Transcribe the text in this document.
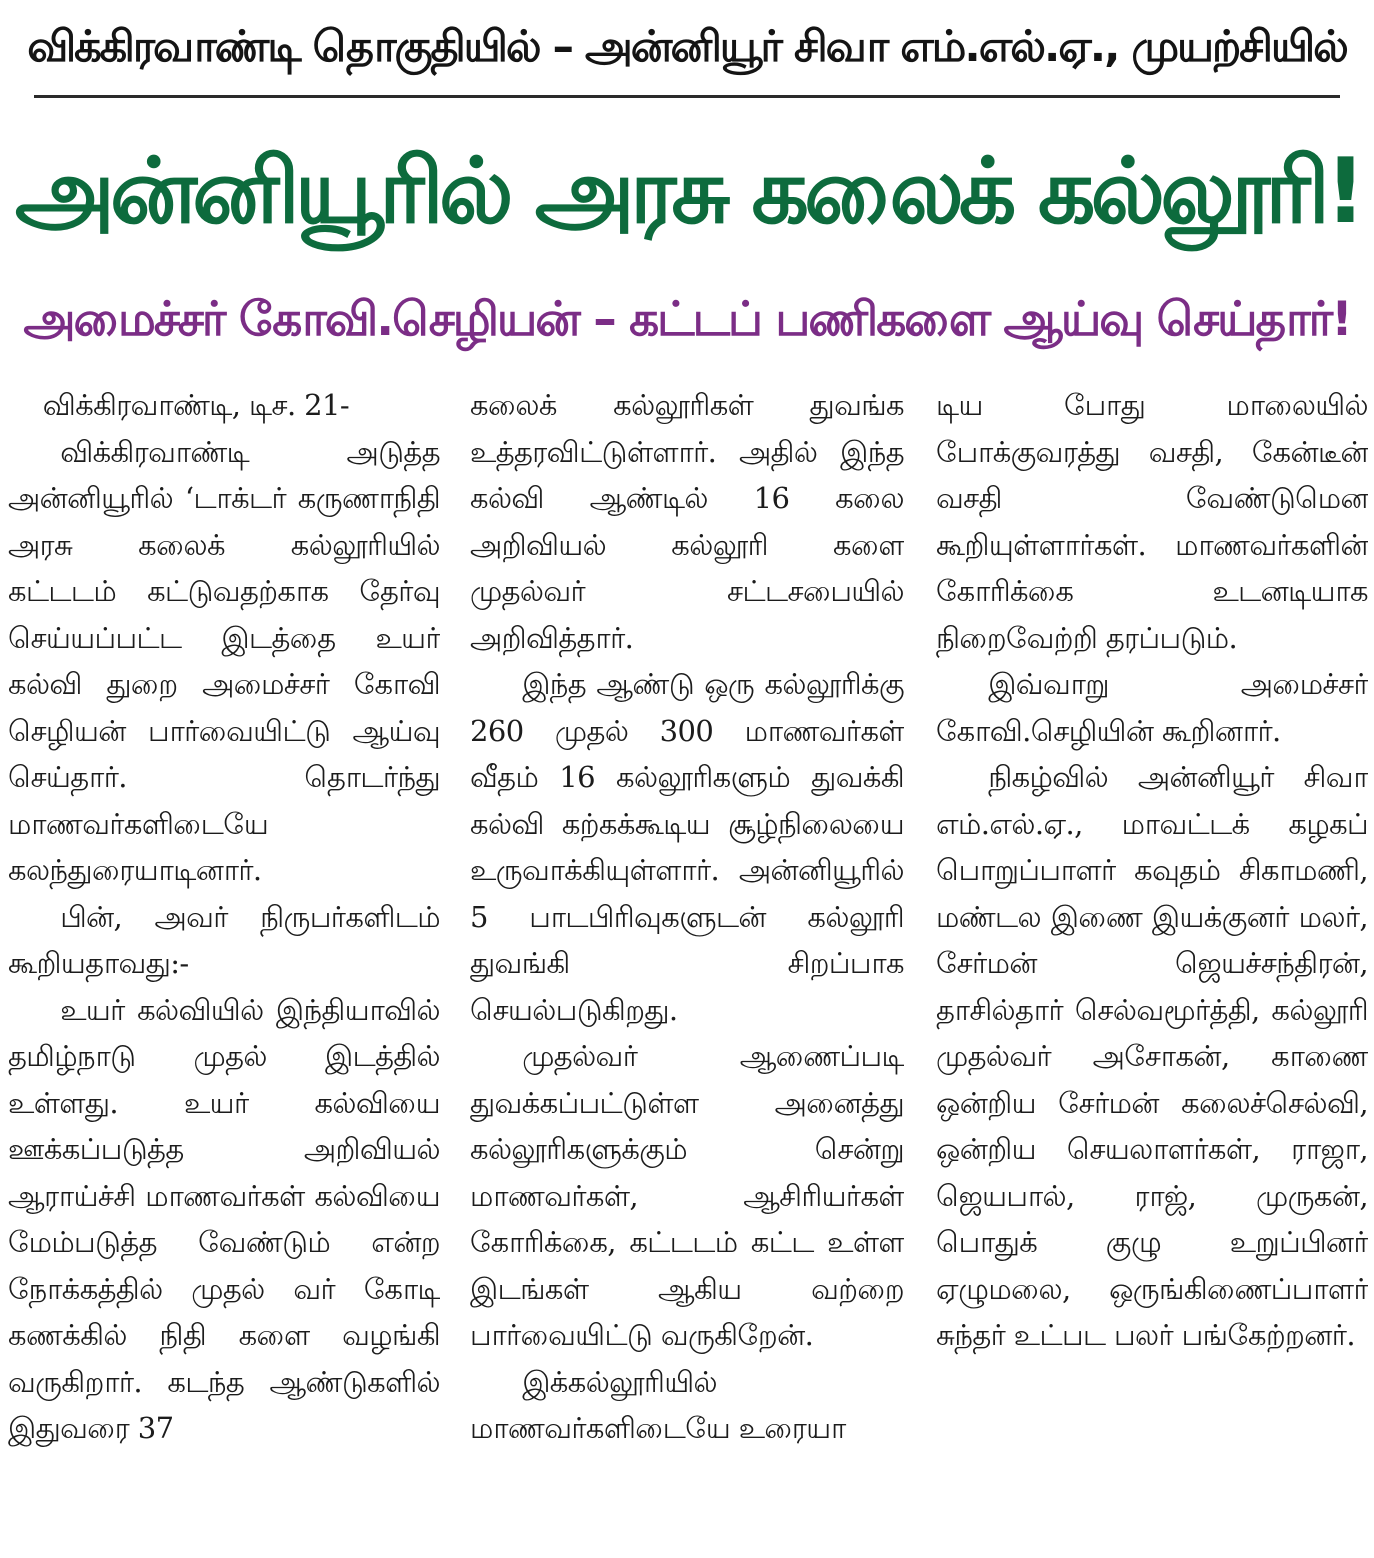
விக்கிரவாண்டி தொகுதியில் – அன்னியூர் சிவா எம்.எல்.ஏ., முயற்சியில்
அன்னியூரில் அரசு கலைக் கல்லூரி!
அமைச்சர் கோவி.செழியன் – கட்டப் பணிகளை ஆய்வு செய்தார்!

விக்கிரவாண்டி, டிச. 21-

விக்கிரவாண்டி அடுத்த அன்னியூரில் ‘டாக்டர் கருணாநிதி அரசு கலைக் கல்லூரியில் கட்டடம் கட்டுவதற்காக தேர்வு செய்யப்பட்ட இடத்தை உயர் கல்வி துறை அமைச்சர் கோவி செழியன் பார்வையிட்டு ஆய்வு செய்தார். தொடர்ந்து மாணவர்களிடையே கலந்துரையாடினார்.

பின், அவர் நிருபர்களிடம் கூறியதாவது:-

உயர் கல்வியில் இந்தியாவில் தமிழ்நாடு முதல் இடத்தில் உள்ளது. உயர் கல்வியை ஊக்கப்படுத்த அறிவியல் ஆராய்ச்சி மாணவர்கள் கல்வியை மேம்படுத்த வேண்டும் என்ற நோக்கத்தில் முதல் வர் கோடி கணக்கில் நிதி களை வழங்கி வருகிறார். கடந்த ஆண்டுகளில் இதுவரை 37

கலைக் கல்லூரிகள் துவங்க உத்தரவிட்டுள்ளார். அதில் இந்த கல்வி ஆண்டில் 16 கலை அறிவியல் கல்லூரி களை முதல்வர் சட்டசபையில் அறிவித்தார்.

இந்த ஆண்டு ஒரு கல்லூரிக்கு 260 முதல் 300 மாணவர்கள் வீதம் 16 கல்லூரிகளும் துவக்கி கல்வி கற்கக்கூடிய சூழ்நிலையை உருவாக்கியுள்ளார். அன்னியூரில் 5 பாடபிரிவுகளுடன் கல்லூரி துவங்கி சிறப்பாக செயல்படுகிறது.

முதல்வர் ஆணைப்படி துவக்கப்பட்டுள்ள அனைத்து கல்லூரிகளுக்கும் சென்று மாணவர்கள், ஆசிரியர்கள் கோரிக்கை, கட்டடம் கட்ட உள்ள இடங்கள் ஆகிய வற்றை பார்வையிட்டு வருகிறேன்.

இக்கல்லூரியில் மாணவர்களிடையே உரையா

டிய போது மாலையில் போக்குவரத்து வசதி, கேன்டீன் வசதி வேண்டுமென கூறியுள்ளார்கள். மாணவர்களின் கோரிக்கை உடனடியாக நிறைவேற்றி தரப்படும்.

இவ்வாறு அமைச்சர் கோவி.செழியின் கூறினார்.

நிகழ்வில் அன்னியூர் சிவா எம்.எல்.ஏ., மாவட்டக் கழகப் பொறுப்பாளர் கவுதம் சிகாமணி, மண்டல இணை இயக்குனர் மலர், சேர்மன் ஜெயச்சந்திரன், தாசில்தார் செல்வமூர்த்தி, கல்லூரி முதல்வர் அசோகன், காணை ஒன்றிய சேர்மன் கலைச்செல்வி, ஒன்றிய செயலாளர்கள், ராஜா, ஜெயபால், ராஜ், முருகன், பொதுக் குழு உறுப்பினர் ஏழுமலை, ஒருங்கிணைப்பாளர் சுந்தர் உட்பட பலர் பங்கேற்றனர்.
